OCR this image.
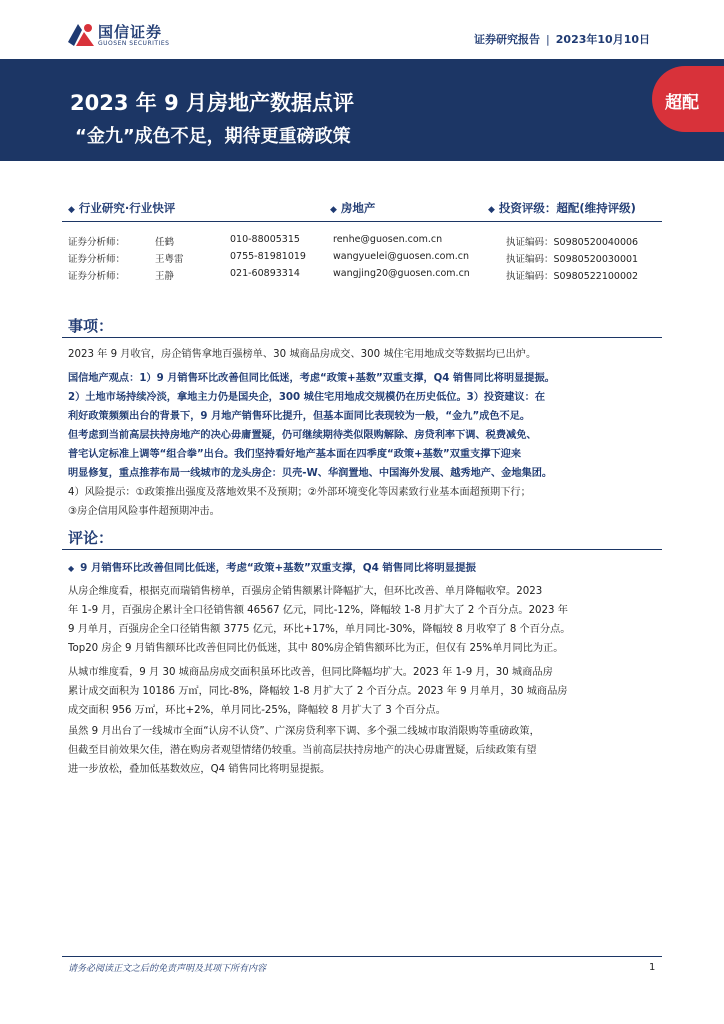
国信证券
GUOSEN SECURITIES	证券研究报告 | 2023年10月10日
2023 年 9 月房地产数据点评
“金九”成色不足，期待更重磅政策
超配
◆ 行业研究·行业快评	◆ 房地产	◆ 投资评级：超配(维持评级)
证券分析师：	任鹤	010-88005315	renhe@guosen.com.cn	执证编码：S0980520040006
证券分析师：	王粤雷	0755-81981019	wangyuelei@guosen.com.cn	执证编码：S0980520030001
证券分析师：	王静	021-60893314	wangjing20@guosen.com.cn	执证编码：S0980522100002
事项：
2023 年 9 月收官，房企销售拿地百强榜单、30 城商品房成交、300 城住宅用地成交等数据均已出炉。
国信地产观点：1）9 月销售环比改善但同比低迷，考虑“政策+基数”双重支撑，Q4 销售同比将明显提振。
2）土地市场持续冷淡，拿地主力仍是国央企，300 城住宅用地成交规模仍在历史低位。3）投资建议：在
利好政策频频出台的背景下，9 月地产销售环比提升，但基本面同比表现较为一般，“金九”成色不足。
但考虑到当前高层扶持房地产的决心毋庸置疑，仍可继续期待类似限购解除、房贷利率下调、税费减免、
普宅认定标准上调等“组合拳”出台。我们坚持看好地产基本面在四季度“政策+基数”双重支撑下迎来
明显修复，重点推荐布局一线城市的龙头房企：贝壳-W、华润置地、中国海外发展、越秀地产、金地集团。
4）风险提示：①政策推出强度及落地效果不及预期；②外部环境变化等因素致行业基本面超预期下行；
③房企信用风险事件超预期冲击。
评论：
◆ 9 月销售环比改善但同比低迷，考虑“政策+基数”双重支撑，Q4 销售同比将明显提振
从房企维度看，根据克而瑞销售榜单，百强房企销售额累计降幅扩大，但环比改善、单月降幅收窄。2023
年 1-9 月，百强房企累计全口径销售额 46567 亿元，同比-12%，降幅较 1-8 月扩大了 2 个百分点。2023 年
9 月单月，百强房企全口径销售额 3775 亿元，环比+17%，单月同比-30%，降幅较 8 月收窄了 8 个百分点。
Top20 房企 9 月销售额环比改善但同比仍低迷，其中 80%房企销售额环比为正，但仅有 25%单月同比为正。
从城市维度看，9 月 30 城商品房成交面积虽环比改善，但同比降幅均扩大。2023 年 1-9 月，30 城商品房
累计成交面积为 10186 万㎡，同比-8%，降幅较 1-8 月扩大了 2 个百分点。2023 年 9 月单月，30 城商品房
成交面积 956 万㎡，环比+2%，单月同比-25%，降幅较 8 月扩大了 3 个百分点。
虽然 9 月出台了一线城市全面“认房不认贷”、广深房贷利率下调、多个强二线城市取消限购等重磅政策，
但截至目前效果欠佳，潜在购房者观望情绪仍较重。当前高层扶持房地产的决心毋庸置疑，后续政策有望
进一步放松，叠加低基数效应，Q4 销售同比将明显提振。
请务必阅读正文之后的免责声明及其项下所有内容	1
